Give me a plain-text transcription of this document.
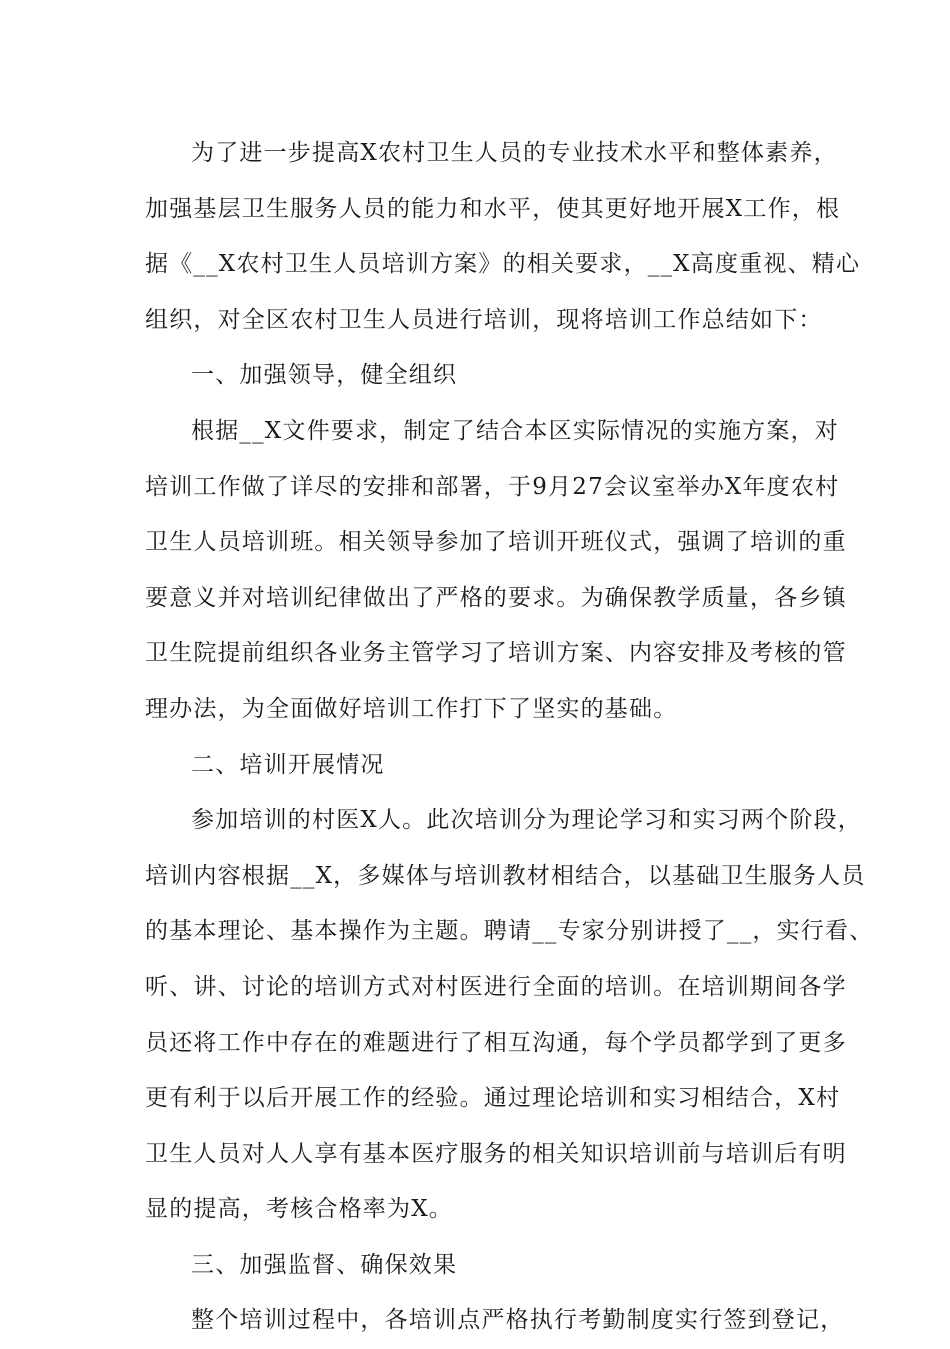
为了进一步提高X农村卫生人员的专业技术水平和整体素养，
加强基层卫生服务人员的能力和水平，使其更好地开展X工作，根
据《__X农村卫生人员培训方案》的相关要求，__X高度重视、精心
组织，对全区农村卫生人员进行培训，现将培训工作总结如下：
一、加强领导，健全组织
根据__X文件要求，制定了结合本区实际情况的实施方案，对
培训工作做了详尽的安排和部署，于9月27会议室举办X年度农村
卫生人员培训班。相关领导参加了培训开班仪式，强调了培训的重
要意义并对培训纪律做出了严格的要求。为确保教学质量，各乡镇
卫生院提前组织各业务主管学习了培训方案、内容安排及考核的管
理办法，为全面做好培训工作打下了坚实的基础。
二、培训开展情况
参加培训的村医X人。此次培训分为理论学习和实习两个阶段，
培训内容根据__X，多媒体与培训教材相结合，以基础卫生服务人员
的基本理论、基本操作为主题。聘请__专家分别讲授了__，实行看、
听、讲、讨论的培训方式对村医进行全面的培训。在培训期间各学
员还将工作中存在的难题进行了相互沟通，每个学员都学到了更多
更有利于以后开展工作的经验。通过理论培训和实习相结合，X村
卫生人员对人人享有基本医疗服务的相关知识培训前与培训后有明
显的提高，考核合格率为X。
三、加强监督、确保效果
整个培训过程中，各培训点严格执行考勤制度实行签到登记，
